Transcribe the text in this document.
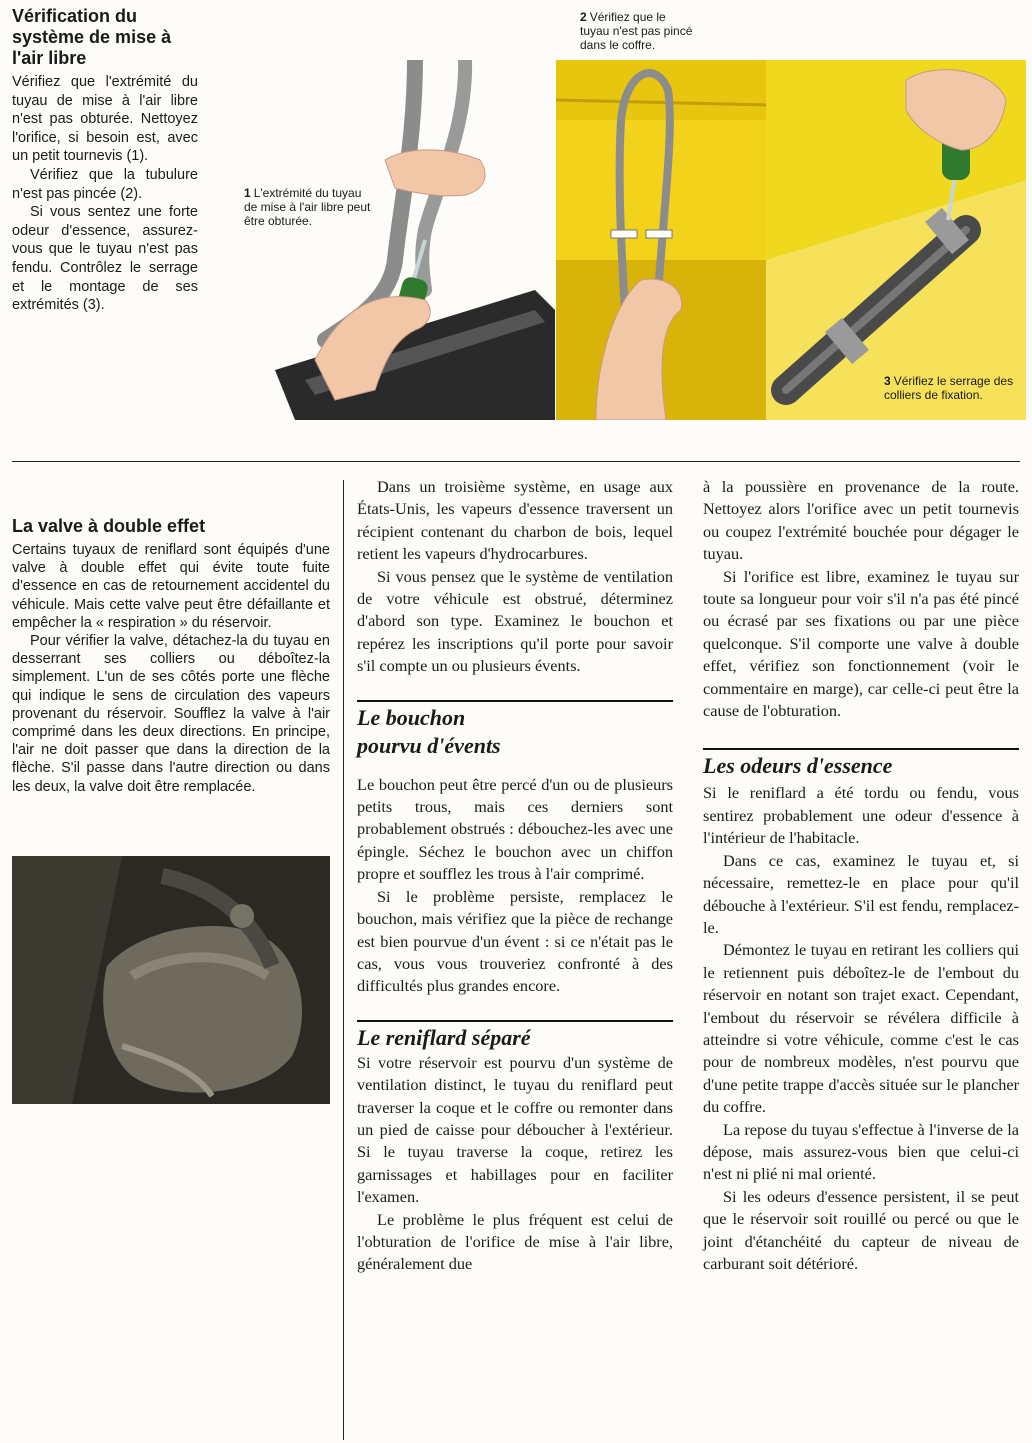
Vérification du système de mise à l'air libre

Vérifiez que l'extrémité du tuyau de mise à l'air libre n'est pas obturée. Nettoyez l'orifice, si besoin est, avec un petit tournevis (1).

Vérifiez que la tubulure n'est pas pincée (2).

Si vous sentez une forte odeur d'essence, assurez-vous que le tuyau n'est pas fendu. Contrôlez le serrage et le montage de ses extrémités (3).

1 L'extrémité du tuyau de mise à l'air libre peut être obturée.
2 Vérifiez que le tuyau n'est pas pincé dans le coffre.
3 Vérifiez le serrage des colliers de fixation.
La valve à double effet

Certains tuyaux de reniflard sont équipés d'une valve à double effet qui évite toute fuite d'essence en cas de retournement accidentel du véhicule. Mais cette valve peut être défaillante et empêcher la « respiration » du réservoir.

Pour vérifier la valve, détachez-la du tuyau en desserrant ses colliers ou déboîtez-la simplement. L'un de ses côtés porte une flèche qui indique le sens de circulation des vapeurs provenant du réservoir. Soufflez la valve à l'air comprimé dans les deux directions. En principe, l'air ne doit passer que dans la direction de la flèche. S'il passe dans l'autre direction ou dans les deux, la valve doit être remplacée.

Dans un troisième système, en usage aux États-Unis, les vapeurs d'essence traversent un récipient contenant du charbon de bois, lequel retient les vapeurs d'hydrocarbures.

Si vous pensez que le système de ventilation de votre véhicule est obstrué, déterminez d'abord son type. Examinez le bouchon et repérez les inscriptions qu'il porte pour savoir s'il compte un ou plusieurs évents.

Le bouchon
pourvu d'évents

Le bouchon peut être percé d'un ou de plusieurs petits trous, mais ces derniers sont probablement obstrués : débouchez-les avec une épingle. Séchez le bouchon avec un chiffon propre et soufflez les trous à l'air comprimé.

Si le problème persiste, remplacez le bouchon, mais vérifiez que la pièce de rechange est bien pourvue d'un évent : si ce n'était pas le cas, vous vous trouveriez confronté à des difficultés plus grandes encore.

Le reniflard séparé

Si votre réservoir est pourvu d'un système de ventilation distinct, le tuyau du reniflard peut traverser la coque et le coffre ou remonter dans un pied de caisse pour déboucher à l'extérieur. Si le tuyau traverse la coque, retirez les garnissages et habillages pour en faciliter l'examen.

Le problème le plus fréquent est celui de l'obturation de l'orifice de mise à l'air libre, généralement due

à la poussière en provenance de la route. Nettoyez alors l'orifice avec un petit tournevis ou coupez l'extrémité bouchée pour dégager le tuyau.

Si l'orifice est libre, examinez le tuyau sur toute sa longueur pour voir s'il n'a pas été pincé ou écrasé par ses fixations ou par une pièce quelconque. S'il comporte une valve à double effet, vérifiez son fonctionnement (voir le commentaire en marge), car celle-ci peut être la cause de l'obturation.

Les odeurs d'essence

Si le reniflard a été tordu ou fendu, vous sentirez probablement une odeur d'essence à l'intérieur de l'habitacle.

Dans ce cas, examinez le tuyau et, si nécessaire, remettez-le en place pour qu'il débouche à l'extérieur. S'il est fendu, remplacez-le.

Démontez le tuyau en retirant les colliers qui le retiennent puis déboîtez-le de l'embout du réservoir en notant son trajet exact. Cependant, l'embout du réservoir se révélera difficile à atteindre si votre véhicule, comme c'est le cas pour de nombreux modèles, n'est pourvu que d'une petite trappe d'accès située sur le plancher du coffre.

La repose du tuyau s'effectue à l'inverse de la dépose, mais assurez-vous bien que celui-ci n'est ni plié ni mal orienté.

Si les odeurs d'essence persistent, il se peut que le réservoir soit rouillé ou percé ou que le joint d'étanchéité du capteur de niveau de carburant soit détérioré.
